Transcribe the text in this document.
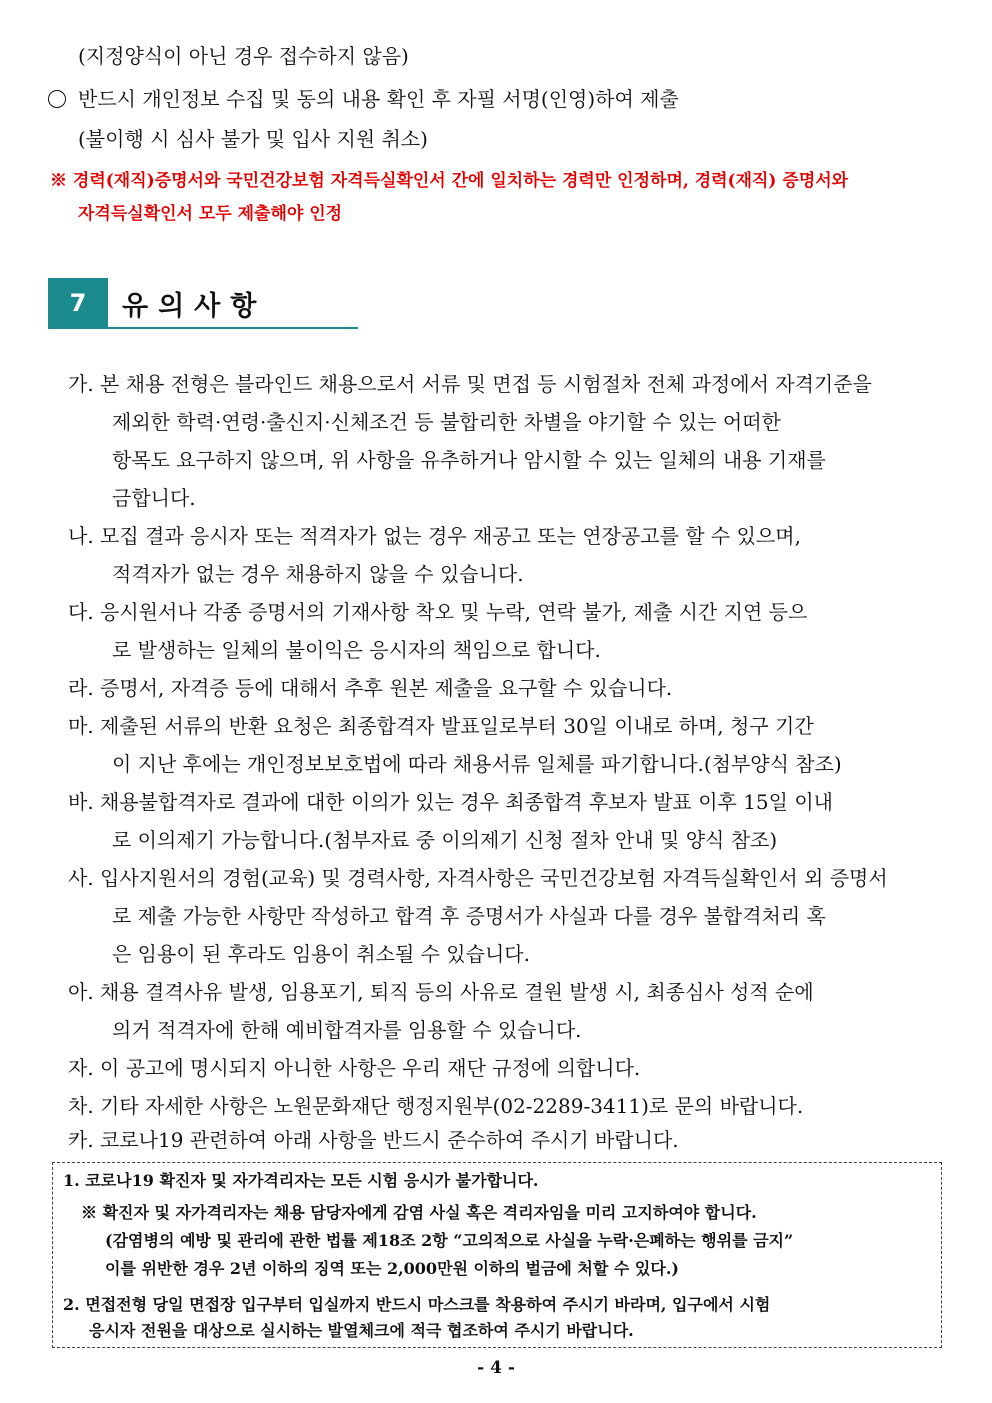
(지정양식이 아닌 경우 접수하지 않음)
반드시 개인정보 수집 및 동의 내용 확인 후 자필 서명(인영)하여 제출
(불이행 시 심사 불가 및 입사 지원 취소)
※ 경력(재직)증명서와 국민건강보험 자격득실확인서 간에 일치하는 경력만 인정하며, 경력(재직) 증명서와
자격득실확인서 모두 제출해야 인정
7	유의사항
가. 본 채용 전형은 블라인드 채용으로서 서류 및 면접 등 시험절차 전체 과정에서 자격기준을
제외한 학력·연령·출신지·신체조건 등 불합리한 차별을 야기할 수 있는 어떠한
항목도 요구하지 않으며, 위 사항을 유추하거나 암시할 수 있는 일체의 내용 기재를
금합니다.
나. 모집 결과 응시자 또는 적격자가 없는 경우 재공고 또는 연장공고를 할 수 있으며,
적격자가 없는 경우 채용하지 않을 수 있습니다.
다. 응시원서나 각종 증명서의 기재사항 착오 및 누락, 연락 불가, 제출 시간 지연 등으
로 발생하는 일체의 불이익은 응시자의 책임으로 합니다.
라. 증명서, 자격증 등에 대해서 추후 원본 제출을 요구할 수 있습니다.
마. 제출된 서류의 반환 요청은 최종합격자 발표일로부터 30일 이내로 하며, 청구 기간
이 지난 후에는 개인정보보호법에 따라 채용서류 일체를 파기합니다.(첨부양식 참조)
바. 채용불합격자로 결과에 대한 이의가 있는 경우 최종합격 후보자 발표 이후 15일 이내
로 이의제기 가능합니다.(첨부자료 중 이의제기 신청 절차 안내 및 양식 참조)
사. 입사지원서의 경험(교육) 및 경력사항, 자격사항은 국민건강보험 자격득실확인서 외 증명서
로 제출 가능한 사항만 작성하고 합격 후 증명서가 사실과 다를 경우 불합격처리 혹
은 임용이 된 후라도 임용이 취소될 수 있습니다.
아. 채용 결격사유 발생, 임용포기, 퇴직 등의 사유로 결원 발생 시, 최종심사 성적 순에
의거 적격자에 한해 예비합격자를 임용할 수 있습니다.
자. 이 공고에 명시되지 아니한 사항은 우리 재단 규정에 의합니다.
차. 기타 자세한 사항은 노원문화재단 행정지원부(02-2289-3411)로 문의 바랍니다.
카. 코로나19 관련하여 아래 사항을 반드시 준수하여 주시기 바랍니다.
1. 코로나19 확진자 및 자가격리자는 모든 시험 응시가 불가합니다.
※ 확진자 및 자가격리자는 채용 담당자에게 감염 사실 혹은 격리자임을 미리 고지하여야 합니다.
(감염병의 예방 및 관리에 관한 법률 제18조 2항 “고의적으로 사실을 누락·은폐하는 행위를 금지”
이를 위반한 경우 2년 이하의 징역 또는 2,000만원 이하의 벌금에 처할 수 있다.)
2. 면접전형 당일 면접장 입구부터 입실까지 반드시 마스크를 착용하여 주시기 바라며, 입구에서 시험
응시자 전원을 대상으로 실시하는 발열체크에 적극 협조하여 주시기 바랍니다.
- 4 -
